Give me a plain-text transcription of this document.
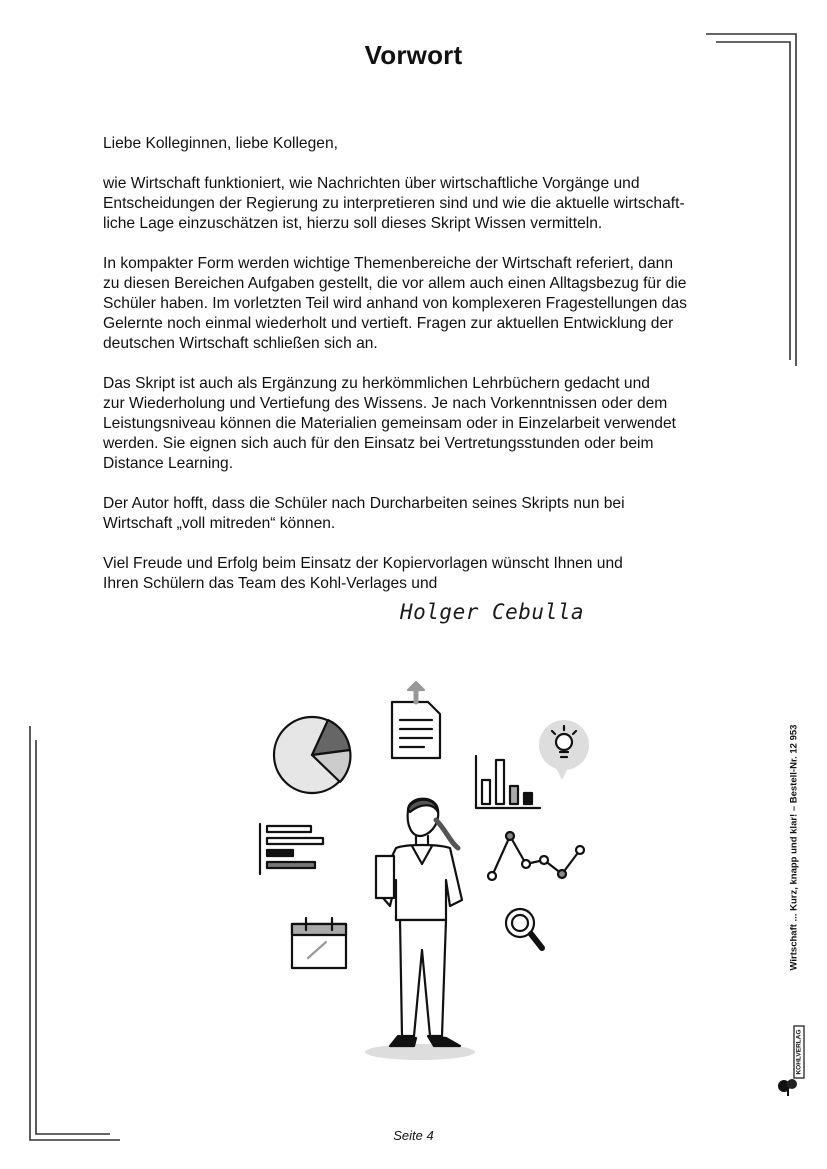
Vorwort

Liebe Kolleginnen, liebe Kollegen,

wie Wirtschaft funktioniert, wie Nachrichten über wirtschaftliche Vorgänge und
Entscheidungen der Regierung zu interpretieren sind und wie die aktuelle wirtschaft-
liche Lage einzuschätzen ist, hierzu soll dieses Skript Wissen vermitteln.

In kompakter Form werden wichtige Themenbereiche der Wirtschaft referiert, dann
zu diesen Bereichen Aufgaben gestellt, die vor allem auch einen Alltagsbezug für die
Schüler haben. Im vorletzten Teil wird anhand von komplexeren Fragestellungen das
Gelernte noch einmal wiederholt und vertieft. Fragen zur aktuellen Entwicklung der
deutschen Wirtschaft schließen sich an.

Das Skript ist auch als Ergänzung zu herkömmlichen Lehrbüchern gedacht und
zur Wiederholung und Vertiefung des Wissens. Je nach Vorkenntnissen oder dem
Leistungsniveau können die Materialien gemeinsam oder in Einzelarbeit verwendet
werden. Sie eignen sich auch für den Einsatz bei Vertretungsstunden oder beim
Distance Learning.

Der Autor hofft, dass die Schüler nach Durcharbeiten seines Skripts nun bei
Wirtschaft „voll mitreden“ können.

Viel Freude und Erfolg beim Einsatz der Kopiervorlagen wünscht Ihnen und
Ihren Schülern das Team des Kohl-Verlages und

Holger Cebulla
Wirtschaft ... Kurz, knapp und klar! – Bestell-Nr. 12 953
KOHLVERLAG
Seite 4
